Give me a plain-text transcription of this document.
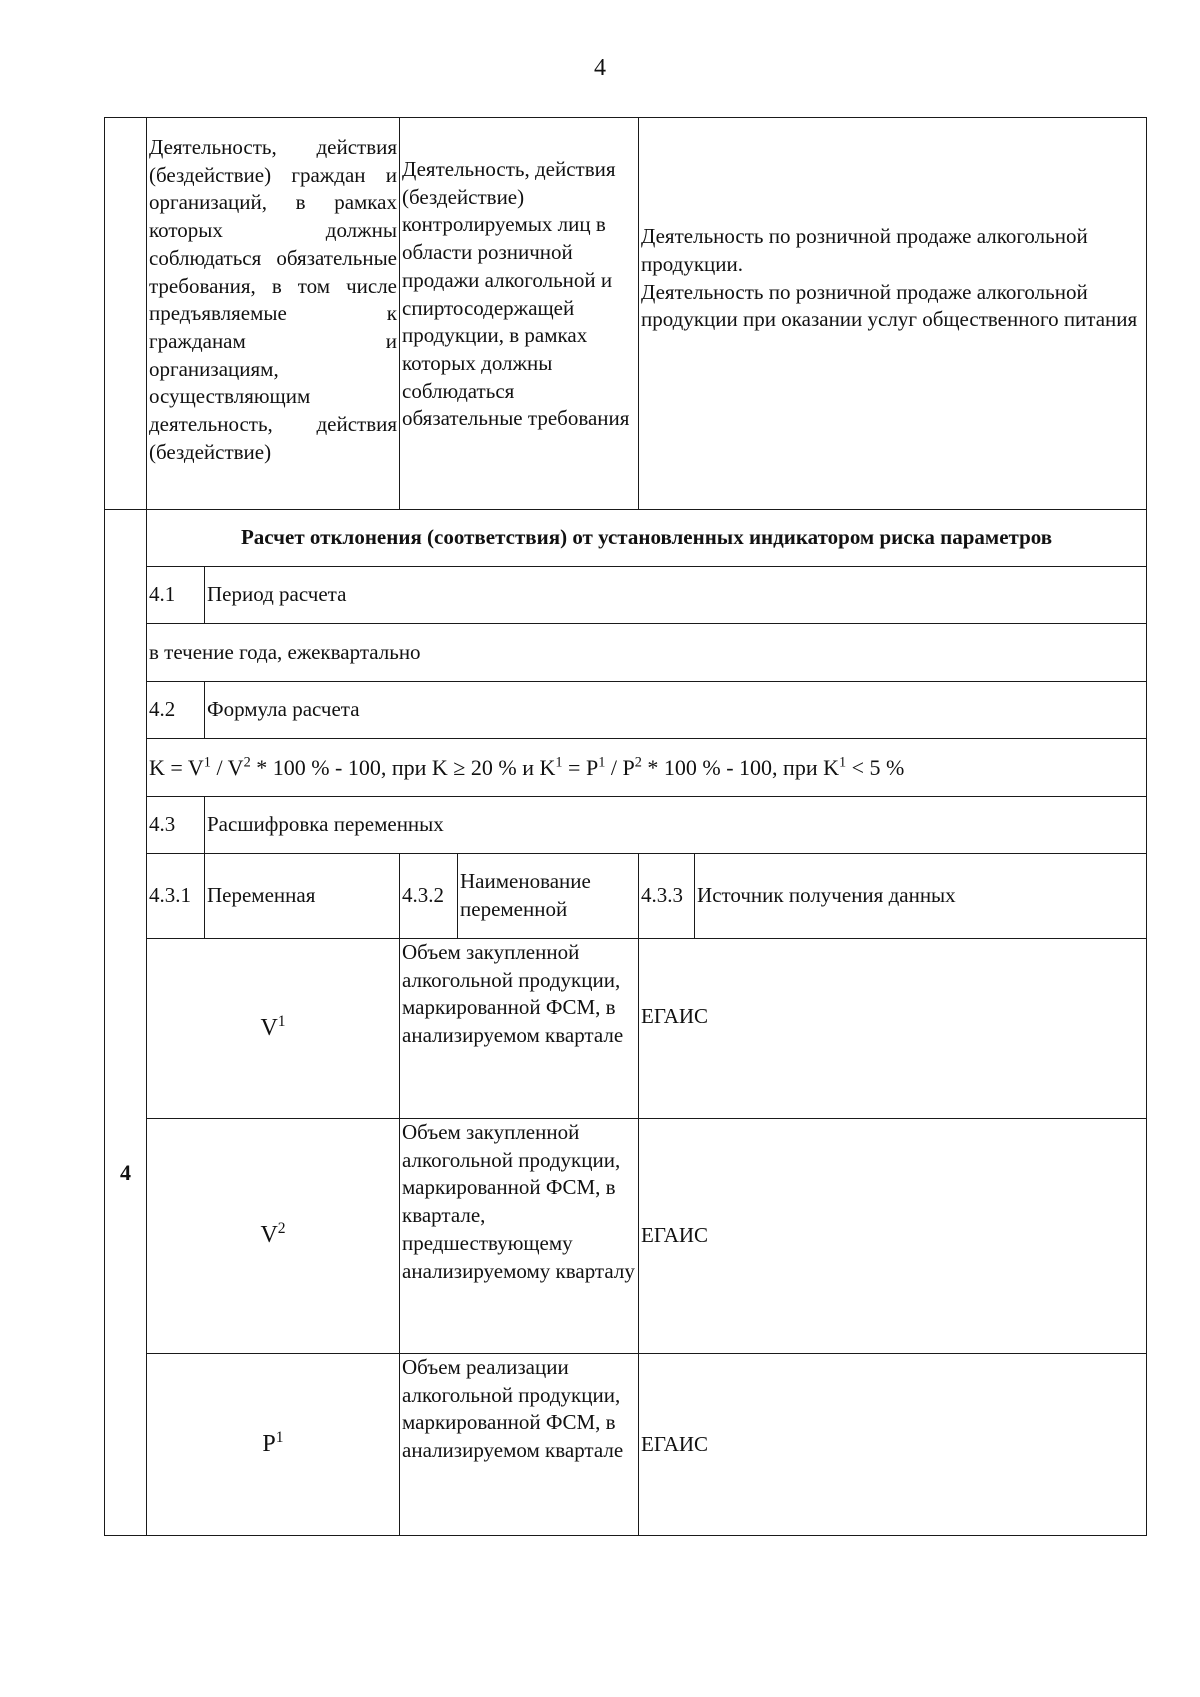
4
	Деятельность, действия (бездействие) граждан и организаций, в рамках которых должны соблюдаться обязательные требования, в том числе предъявляемые к гражданам и организациям, осуществляющим деятельность, действия (бездействие)		Деятельность, действия (бездействие) контролируемых лиц в области розничной продажи алкогольной и спиртосодержащей продукции, в рамках которых должны соблюдаться обязательные требования		Деятельность по розничной продаже алкогольной продукции.
Деятельность по розничной продаже алкогольной продукции при оказании услуг общественного питания	

4	Расчет отклонения (соответствия) от установленных индикатором риска параметров					
	4.1	Период расчета				
	в течение года, ежеквартально					
	4.2	Формула расчета				
	$K = V^1 / V^2 * 100$ % - 100, при K ≥ 20 % и $K^1 = P^1 / P^2 * 100$ % - 100, при $K^1 < 5$ %					
	4.3	Расшифровка переменных				
	4.3.1	Переменная	4.3.2	Наименование переменной	4.3.3	Источник получения данных
	$V^1$		Объем закупленной алкогольной продукции, маркированной ФСМ, в анализируемом квартале		ЕГАИС	
	$V^2$		Объем закупленной алкогольной продукции, маркированной ФСМ, в квартале, предшествующему анализируемому кварталу		ЕГАИС	
	$P^1$		Объем реализации алкогольной продукции, маркированной ФСМ, в анализируемом квартале		ЕГАИС	
